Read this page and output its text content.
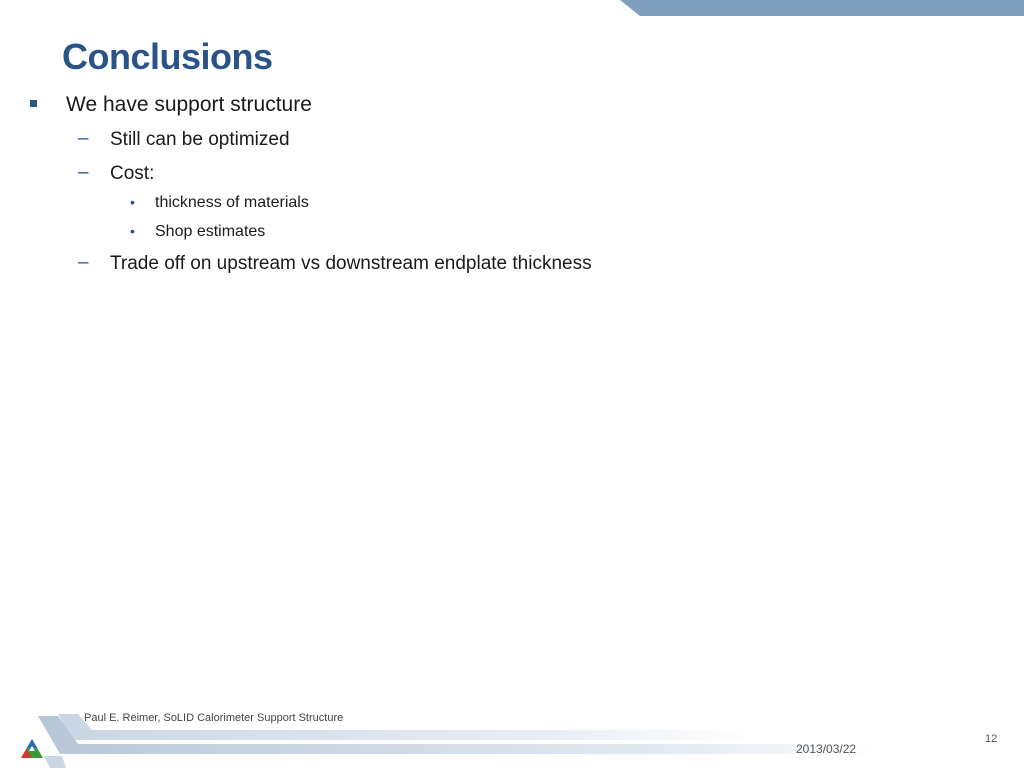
Conclusions
We have support structure
– Still can be optimized
– Cost:
• thickness of materials
• Shop estimates
– Trade off on upstream vs downstream endplate thickness
Paul E. Reimer, SoLID Calorimeter Support Structure
2013/03/22
12
